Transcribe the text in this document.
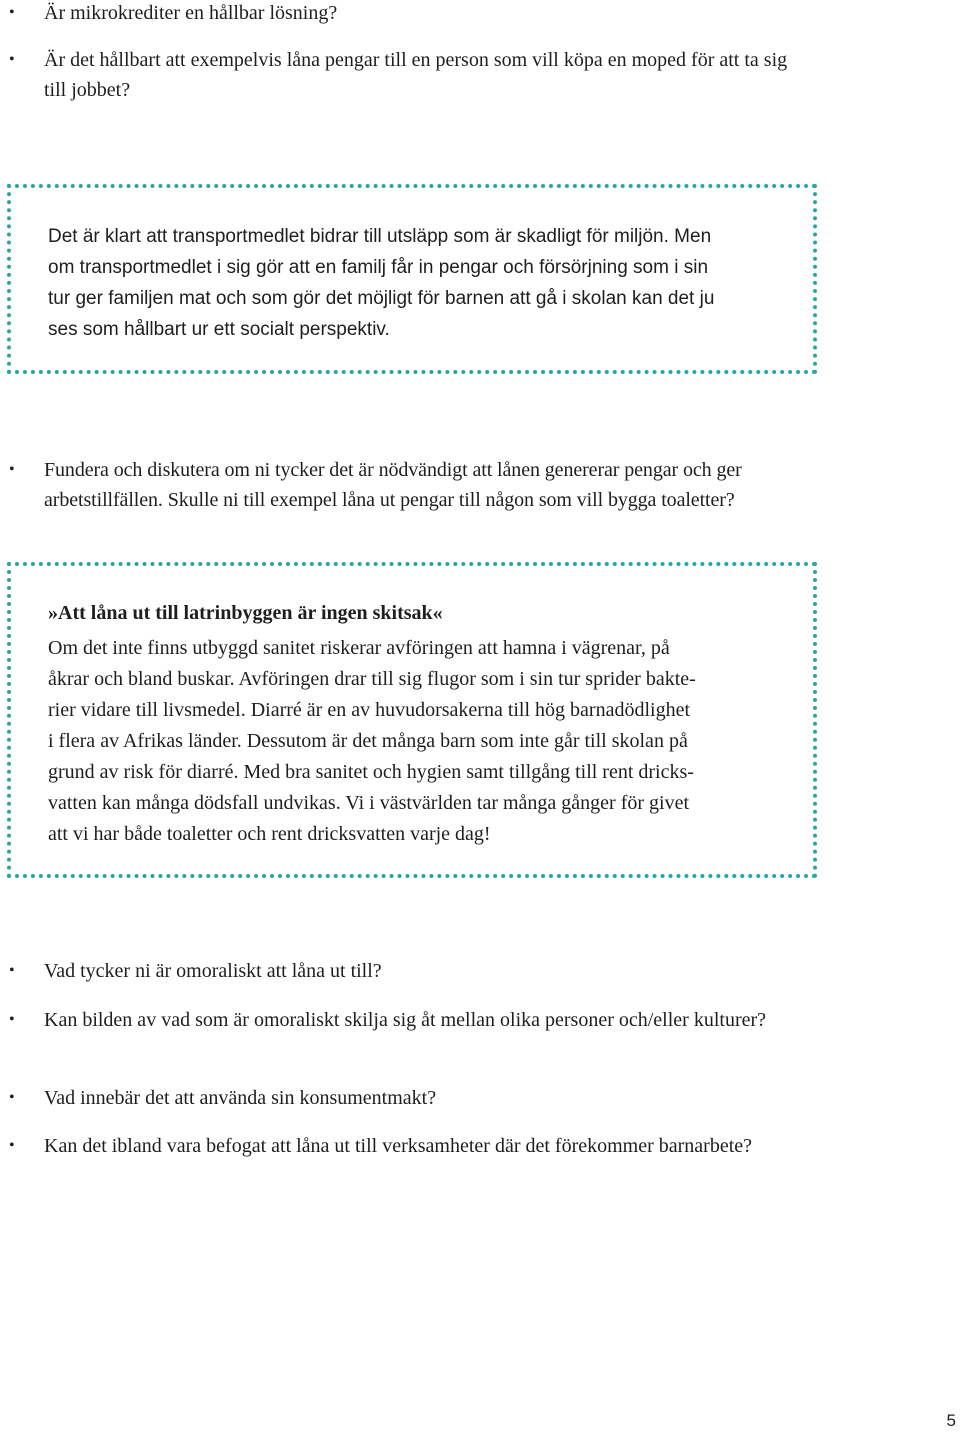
• Är mikrokrediter en hållbar lösning?

• Är det hållbart att exempelvis låna pengar till en person som vill köpa en moped för att ta sig till jobbet?

Det är klart att transportmedlet bidrar till utsläpp som är skadligt för miljön. Men

om transportmedlet i sig gör att en familj får in pengar och försörjning som i sin

tur ger familjen mat och som gör det möjligt för barnen att gå i skolan kan det ju

ses som hållbart ur ett socialt perspektiv.

• Fundera och diskutera om ni tycker det är nödvändigt att lånen genererar pengar och ger arbetstillfällen. Skulle ni till exempel låna ut pengar till någon som vill bygga toaletter?

»Att låna ut till latrinbyggen är ingen skitsak«

Om det inte finns utbyggd sanitet riskerar avföringen att hamna i vägrenar, på

åkrar och bland buskar. Avföringen drar till sig flugor som i sin tur sprider bakte-

rier vidare till livsmedel. Diarré är en av huvudorsakerna till hög barnadödlighet

i flera av Afrikas länder. Dessutom är det många barn som inte går till skolan på

grund av risk för diarré. Med bra sanitet och hygien samt tillgång till rent dricks-

vatten kan många dödsfall undvikas. Vi i västvärlden tar många gånger för givet

att vi har både toaletter och rent dricksvatten varje dag!

• Vad tycker ni är omoraliskt att låna ut till?

• Kan bilden av vad som är omoraliskt skilja sig åt mellan olika personer och/eller kulturer?

• Vad innebär det att använda sin konsumentmakt?

• Kan det ibland vara befogat att låna ut till verksamheter där det förekommer barnarbete?

5
